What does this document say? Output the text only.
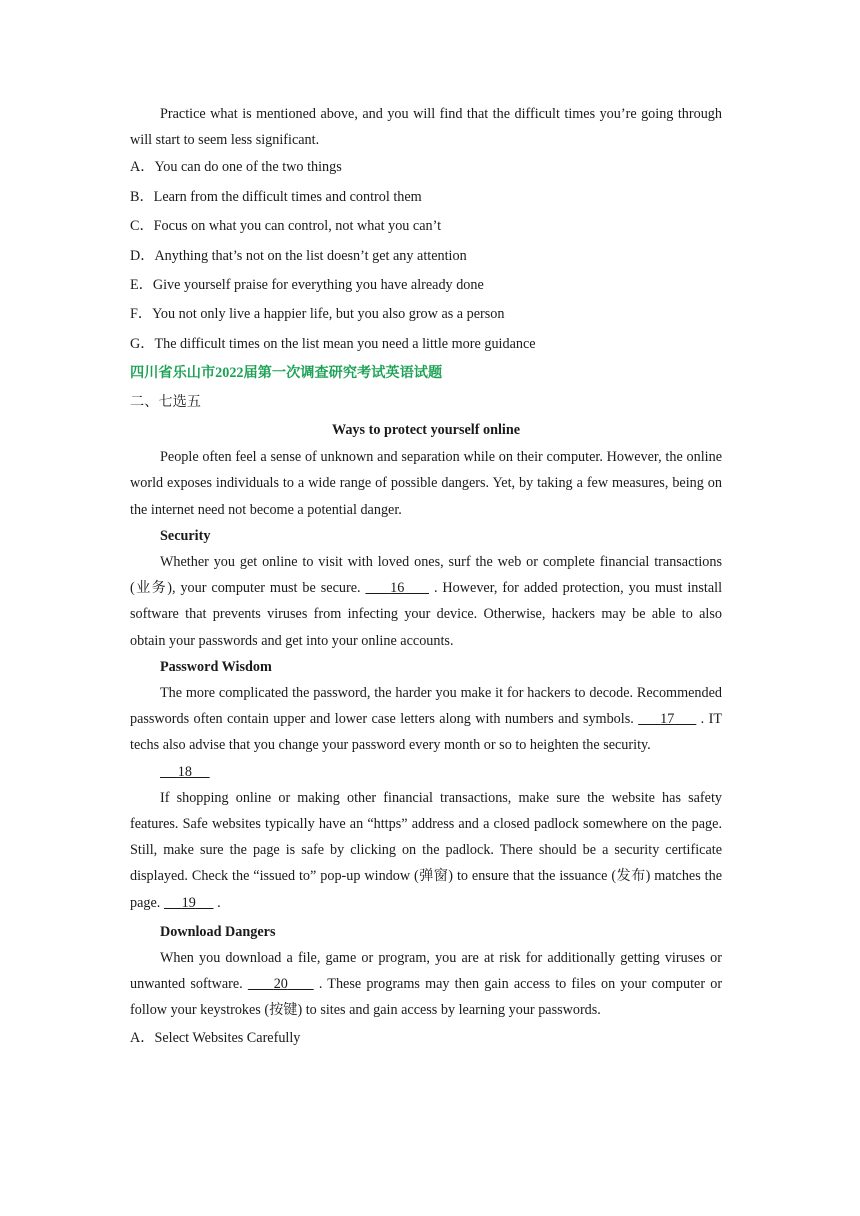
Practice what is mentioned above, and you will find that the difficult times you’re going through will start to seem less significant.

A．You can do one of the two things

B．Learn from the difficult times and control them

C．Focus on what you can control, not what you can’t

D．Anything that’s not on the list doesn’t get any attention

E．Give yourself praise for everything you have already done

F．You not only live a happier life, but you also grow as a person

G．The difficult times on the list mean you need a little more guidance

四川省乐山市2022届第一次调查研究考试英语试题

二、七选五

Ways to protect yourself online

People often feel a sense of unknown and separation while on their computer. However, the online world exposes individuals to a wide range of possible dangers. Yet, by taking a few measures, being on the internet need not become a potential danger.

Security

Whether you get online to visit with loved ones, surf the web or complete financial transactions (业务), your computer must be secure. 16 . However, for added protection, you must install software that prevents viruses from infecting your device. Otherwise, hackers may be able to also obtain your passwords and get into your online accounts.

Password Wisdom

The more complicated the password, the harder you make it for hackers to decode. Recommended passwords often contain upper and lower case letters along with numbers and symbols. 17 . IT techs also advise that you change your password every month or so to heighten the security.

18

If shopping online or making other financial transactions, make sure the website has safety features. Safe websites typically have an “https” address and a closed padlock somewhere on the page. Still, make sure the page is safe by clicking on the padlock. There should be a security certificate displayed. Check the “issued to” pop-up window (弹窗) to ensure that the issuance (发布) matches the page. 19 .

Download Dangers

When you download a file, game or program, you are at risk for additionally getting viruses or unwanted software. 20 . These programs may then gain access to files on your computer or follow your keystrokes (按键) to sites and gain access by learning your passwords.

A．Select Websites Carefully
